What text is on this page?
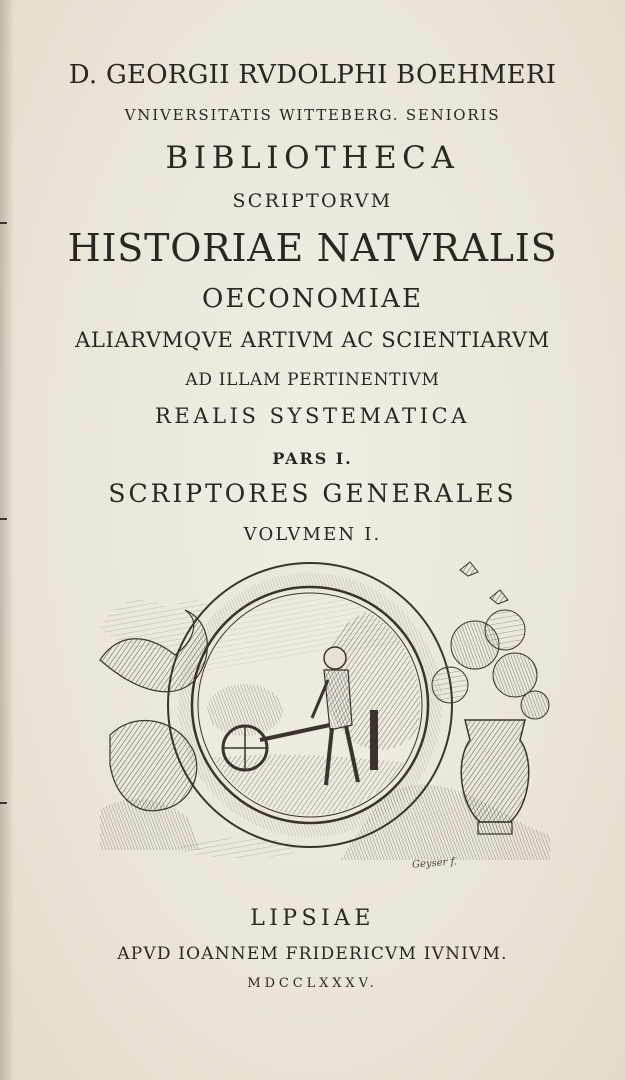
D. GEORGII RVDOLPHI BOEHMERI
VNIVERSITATIS WITTEBERG. SENIORIS
BIBLIOTHECA
SCRIPTORVM
HISTORIAE NATVRALIS
OECONOMIAE
ALIARVMQVE ARTIVM AC SCIENTIARVM
AD ILLAM PERTINENTIVM
REALIS SYSTEMATICA
PARS I.
SCRIPTORES GENERALES
VOLVMEN I.
Geyser f.
LIPSIAE
APVD IOANNEM FRIDERICVM IVNIVM.
MDCCLXXXV.
